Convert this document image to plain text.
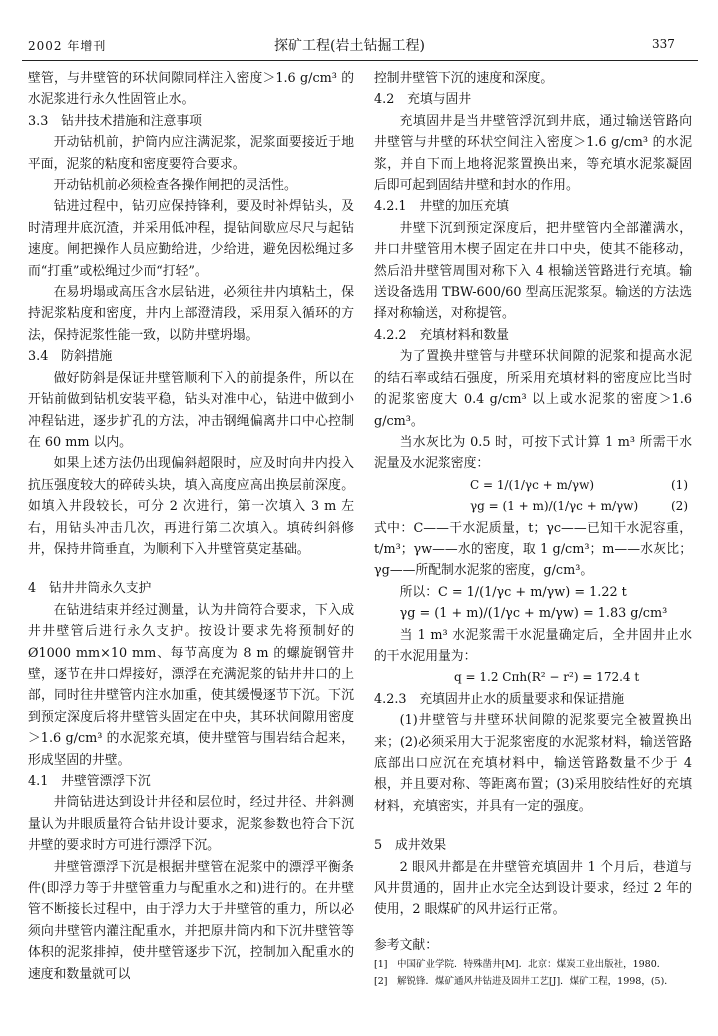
2002 年增刊	探矿工程(岩土钻掘工程)	337

壁管，与井壁管的环状间隙同样注入密度＞1.6 g/cm³ 的水泥浆进行永久性固管止水。

3.3　钻井技术措施和注意事项

开动钻机前，护筒内应注满泥浆，泥浆面要接近于地平面，泥浆的粘度和密度要符合要求。

开动钻机前必须检查各操作闸把的灵活性。

钻进过程中，钻刃应保持锋利，要及时补焊钻头，及时清理井底沉渣，并采用低冲程，提钻间歇应尽尺与起钻速度。闸把操作人员应勤给进，少给进，避免因松绳过多而“打重”或松绳过少而“打轻”。

在易坍塌或高压含水层钻进，必须往井内填粘土，保持泥浆粘度和密度，井内上部澄清段，采用泵入循环的方法，保持泥浆性能一致，以防井壁坍塌。

3.4　防斜措施

做好防斜是保证井壁管顺利下入的前提条件，所以在开钻前做到钻机安装平稳，钻头对准中心，钻进中做到小冲程钻进，逐步扩孔的方法，冲击钢绳偏离井口中心控制在 60 mm 以内。

如果上述方法仍出现偏斜超限时，应及时向井内投入抗压强度较大的碎砖头块，填入高度应高出换层前深度。如填入井段较长，可分 2 次进行，第一次填入 3 m 左右，用钻头冲击几次，再进行第二次填入。填砖纠斜修井，保持井筒垂直，为顺利下入井壁管莫定基础。

4　钻井井筒永久支护

在钻进结束并经过测量，认为井筒符合要求，下入成井井壁管后进行永久支护。按设计要求先将预制好的 Ø1000 mm×10 mm、每节高度为 8 m 的螺旋钢管井壁，逐节在井口焊接好，漂浮在充满泥浆的钻井井口的上部，同时往井壁管内注水加重，使其缓慢逐节下沉。下沉到预定深度后将井壁管头固定在中央，其环状间隙用密度＞1.6 g/cm³ 的水泥浆充填，使井壁管与围岩结合起来，形成坚固的井壁。

4.1　井壁管漂浮下沉

井筒钻进达到设计井径和层位时，经过井径、井斜测量认为井眼质量符合钻井设计要求，泥浆参数也符合下沉井壁的要求时方可进行漂浮下沉。

井壁管漂浮下沉是根据井壁管在泥浆中的漂浮平衡条件(即浮力等于井壁管重力与配重水之和)进行的。在井壁管不断接长过程中，由于浮力大于井壁管的重力，所以必须向井壁管内灌注配重水，并把原井筒内和下沉井壁管等体积的泥浆排掉，使井壁管逐步下沉，控制加入配重水的速度和数量就可以

控制井壁管下沉的速度和深度。

4.2　充填与固井

充填固井是当井壁管浮沉到井底，通过输送管路向井壁管与井壁的环状空间注入密度＞1.6 g/cm³ 的水泥浆，并自下而上地将泥浆置换出来，等充填水泥浆凝固后即可起到固结井壁和封水的作用。

4.2.1　井壁的加压充填

井壁下沉到预定深度后，把井壁管内全部灌满水，井口井壁管用木楔子固定在井口中央，使其不能移动，然后沿井壁管周围对称下入 4 根输送管路进行充填。输送设备选用 TBW-600/60 型高压泥浆泵。输送的方法选择对称输送，对称提管。

4.2.2　充填材料和数量

为了置换井壁管与井壁环状间隙的泥浆和提高水泥的结石率或结石强度，所采用充填材料的密度应比当时的泥浆密度大 0.4 g/cm³ 以上或水泥浆的密度＞1.6 g/cm³。

当水灰比为 0.5 时，可按下式计算 1 m³ 所需干水泥量及水泥浆密度：

C = 1/(1/γc + m/γw)	(1)
γg = (1 + m)/(1/γc + m/γw)	(2)

式中：C——干水泥质量，t；γc——已知干水泥容重，t/m³；γw——水的密度，取 1 g/cm³；m——水灰比；γg——所配制水泥浆的密度，g/cm³。

所以：C = 1/(1/γc + m/γw) = 1.22 t

γg = (1 + m)/(1/γc + m/γw) = 1.83 g/cm³

当 1 m³ 水泥浆需干水泥量确定后，全井固井止水的干水泥用量为：

q = 1.2 Cπh(R² − r²) = 172.4 t

4.2.3　充填固井止水的质量要求和保证措施

(1)井壁管与井壁环状间隙的泥浆要完全被置换出来；(2)必须采用大于泥浆密度的水泥浆材料，输送管路底部出口应沉在充填材料中，输送管路数量不少于 4 根，并且要对称、等距离布置；(3)采用胶结性好的充填材料，充填密实，并具有一定的强度。

5　成井效果

2 眼风井都是在井壁管充填固井 1 个月后，巷道与风井贯通的，固井止水完全达到设计要求，经过 2 年的使用，2 眼煤矿的风井运行正常。

参考文献：

[1]　中国矿业学院．特殊凿井[M]．北京：煤炭工业出版社，1980．

[2]　解锐锋．煤矿通风井钻进及固井工艺[J]．煤矿工程，1998，(5)．
